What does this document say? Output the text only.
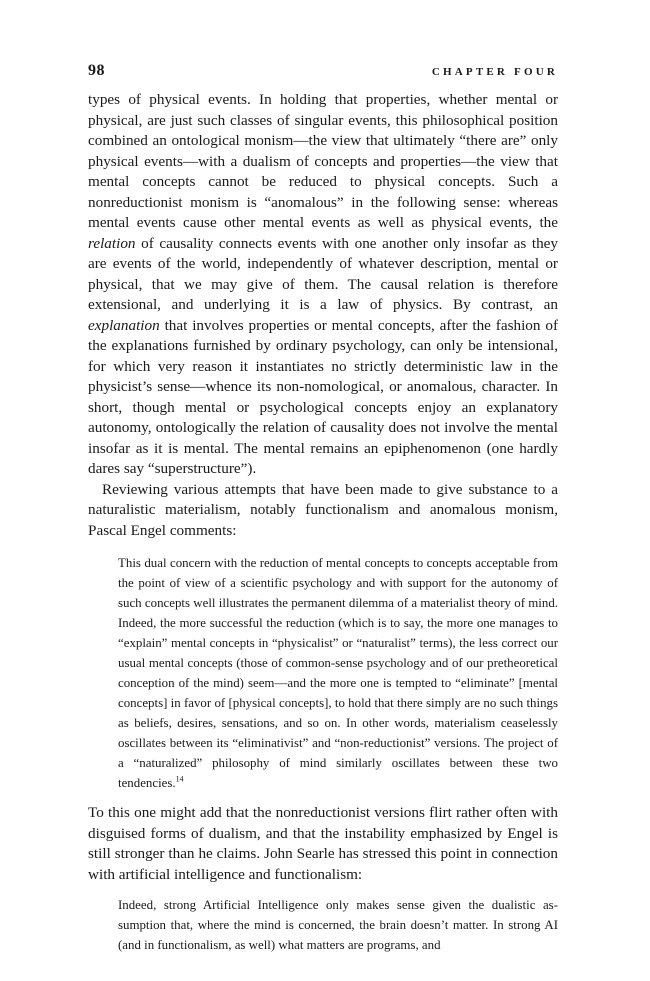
98	CHAPTER FOUR

types of physical events. In holding that properties, whether mental or physical, are just such classes of singular events, this philosophical position combined an ontological monism—the view that ultimately “there are” only physical events—with a dualism of concepts and properties—the view that mental concepts cannot be reduced to physical concepts. Such a nonreductionist monism is “anomalous” in the following sense: whereas mental events cause other mental events as well as physical events, the relation of causality connects events with one another only insofar as they are events of the world, independently of whatever description, mental or physical, that we may give of them. The causal relation is therefore extensional, and underlying it is a law of physics. By contrast, an explanation that involves properties or mental concepts, after the fashion of the explanations furnished by ordinary psychology, can only be intensional, for which very reason it instantiates no strictly deterministic law in the physicist’s sense—whence its non-nomological, or anomalous, character. In short, though mental or psychological concepts enjoy an explanatory autonomy, ontologically the relation of causality does not involve the mental insofar as it is mental. The mental remains an epiphenomenon (one hardly dares say “superstructure”).

Reviewing various attempts that have been made to give substance to a naturalistic materialism, notably functionalism and anomalous monism, Pascal Engel comments:

This dual concern with the reduction of mental concepts to concepts acceptable from the point of view of a scientific psychology and with support for the autonomy of such concepts well illustrates the permanent dilemma of a materialist theory of mind. Indeed, the more successful the reduction (which is to say, the more one manages to “explain” mental concepts in “physicalist” or “naturalist” terms), the less correct our usual mental concepts (those of common-sense psychology and of our pretheoretical conception of the mind) seem—and the more one is tempted to “eliminate” [mental concepts] in favor of [physical concepts], to hold that there simply are no such things as beliefs, desires, sensations, and so on. In other words, materialism ceaselessly oscillates between its “eliminativist” and “non-reductionist” versions. The project of a “naturalized” philosophy of mind similarly oscillates between these two tendencies.$^{14}$

To this one might add that the nonreductionist versions flirt rather often with disguised forms of dualism, and that the instability emphasized by Engel is still stronger than he claims. John Searle has stressed this point in connection with artificial intelligence and functionalism:

Indeed, strong Artificial Intelligence only makes sense given the dualistic assumption that, where the mind is concerned, the brain doesn’t matter. In strong AI (and in functionalism, as well) what matters are programs, and
